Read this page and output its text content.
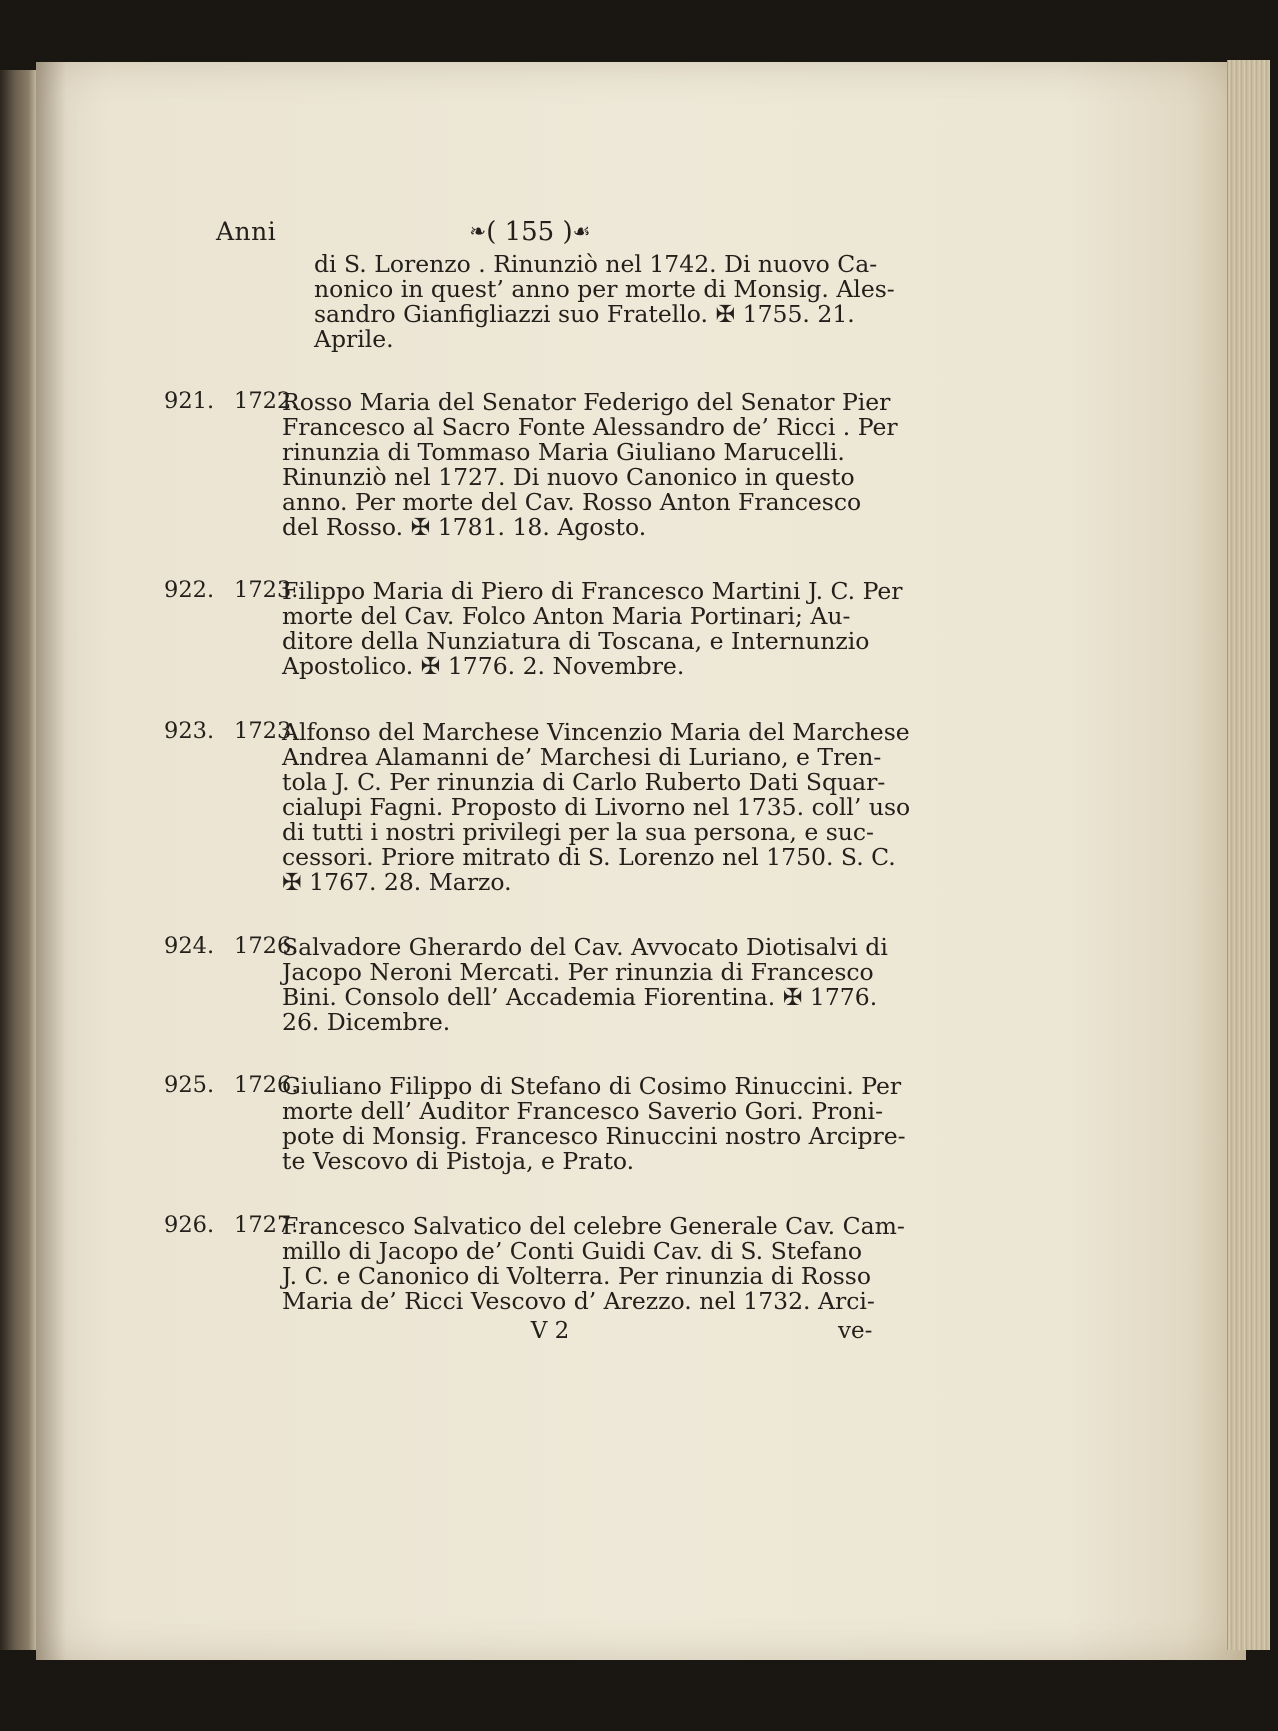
Anni	❧( 155 )☙
di S. Lorenzo . Rinunziò nel 1742. Di nuovo Ca-
nonico in quest’ anno per morte di Monsig. Ales-
sandro Gianfigliazzi suo Fratello. ✠ 1755. 21.
Aprile.
921. 1722.
Rosso Maria del Senator Federigo del Senator Pier
Francesco al Sacro Fonte Alessandro de’ Ricci . Per
rinunzia di Tommaso Maria Giuliano Marucelli.
Rinunziò nel 1727. Di nuovo Canonico in questo
anno. Per morte del Cav. Rosso Anton Francesco
del Rosso. ✠ 1781. 18. Agosto.
922. 1723.
Filippo Maria di Piero di Francesco Martini J. C. Per
morte del Cav. Folco Anton Maria Portinari; Au-
ditore della Nunziatura di Toscana, e Internunzio
Apostolico. ✠ 1776. 2. Novembre.
923. 1723.
Alfonso del Marchese Vincenzio Maria del Marchese
Andrea Alamanni de’ Marchesi di Luriano, e Tren-
tola J. C. Per rinunzia di Carlo Ruberto Dati Squar-
cialupi Fagni. Proposto di Livorno nel 1735. coll’ uso
di tutti i nostri privilegi per la sua persona, e suc-
cessori. Priore mitrato di S. Lorenzo nel 1750. S. C.
✠ 1767. 28. Marzo.
924. 1726.
Salvadore Gherardo del Cav. Avvocato Diotisalvi di
Jacopo Neroni Mercati. Per rinunzia di Francesco
Bini. Consolo dell’ Accademia Fiorentina. ✠ 1776.
26. Dicembre.
925. 1726.
Giuliano Filippo di Stefano di Cosimo Rinuccini. Per
morte dell’ Auditor Francesco Saverio Gori. Proni-
pote di Monsig. Francesco Rinuccini nostro Arcipre-
te Vescovo di Pistoja, e Prato.
926. 1727.
Francesco Salvatico del celebre Generale Cav. Cam-
millo di Jacopo de’ Conti Guidi Cav. di S. Stefano
J. C. e Canonico di Volterra. Per rinunzia di Rosso
Maria de’ Ricci Vescovo d’ Arezzo. nel 1732. Arci-
V 2	ve-
